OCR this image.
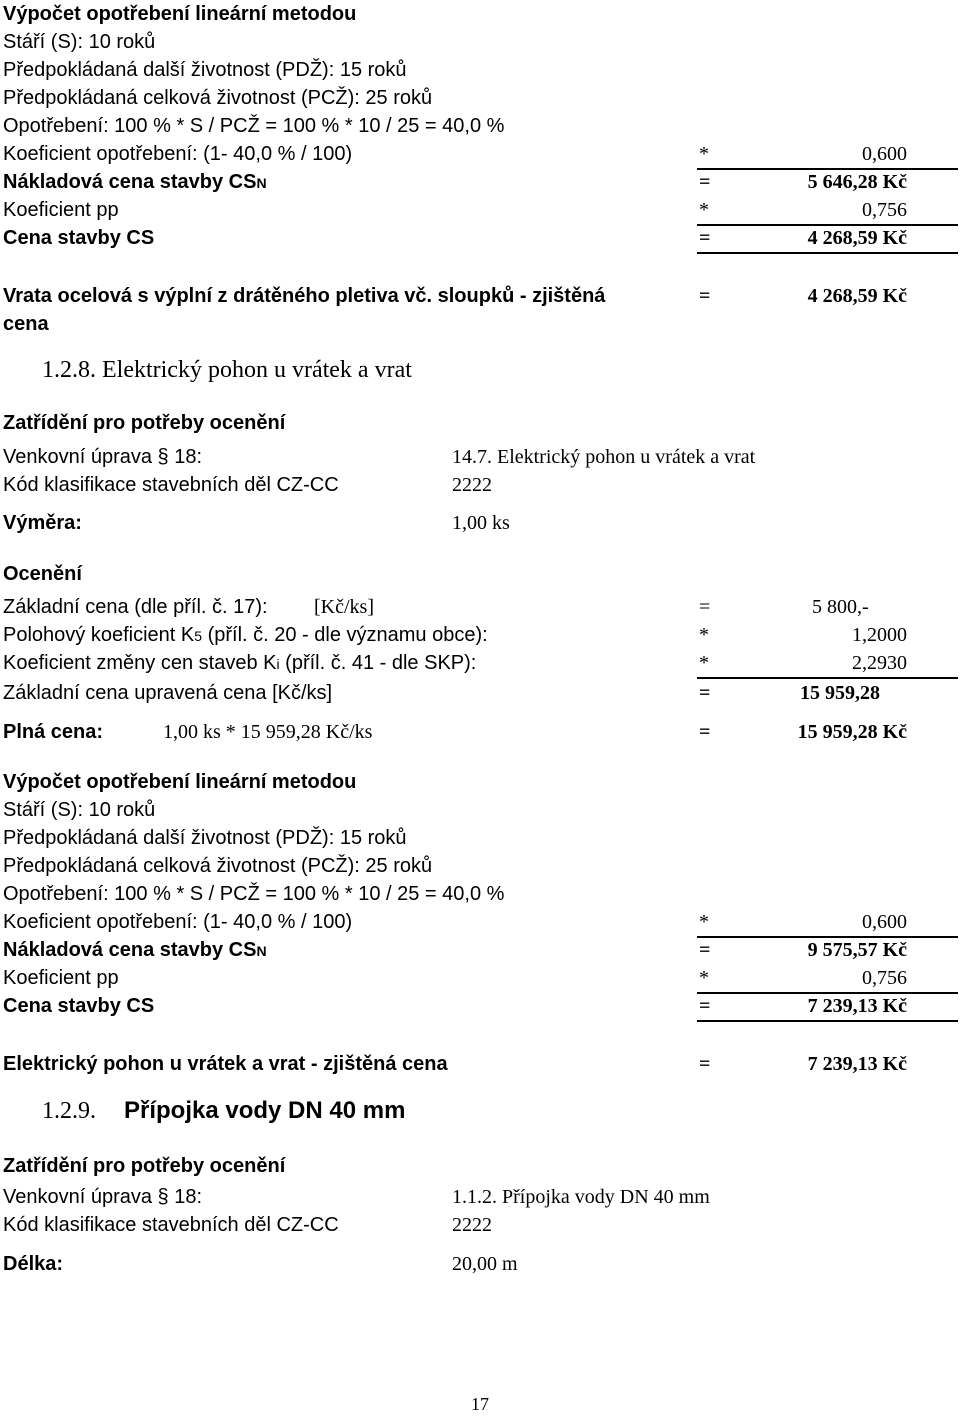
Výpočet opotřebení lineární metodou
Stáří (S): 10 roků
Předpokládaná další životnost (PDŽ): 15 roků
Předpokládaná celková životnost (PCŽ): 25 roků
Opotřebení: 100 % * S / PCŽ = 100 % * 10 / 25 = 40,0 %
Koeficient opotřebení: (1- 40,0 % / 100)	*	0,600
Nákladová cena stavby CSN	=	5 646,28 Kč
Koeficient pp	*	0,756
Cena stavby CS	=	4 268,59 Kč
Vrata ocelová s výplní z drátěného pletiva vč. sloupků - zjištěná	=	4 268,59 Kč
cena
1.2.8. Elektrický pohon u vrátek a vrat
Zatřídění pro potřeby ocenění
Venkovní úprava § 18:	14.7. Elektrický pohon u vrátek a vrat
Kód klasifikace stavebních děl CZ-CC	2222
Výměra:	1,00 ks
Ocenění
Základní cena (dle příl. č. 17): [Kč/ks]	=	5 800,-
Polohový koeficient K5 (příl. č. 20 - dle významu obce):	*	1,2000
Koeficient změny cen staveb Ki (příl. č. 41 - dle SKP):	*	2,2930
Základní cena upravená cena [Kč/ks]	=	15 959,28
Plná cena:	1,00 ks * 15 959,28 Kč/ks	=	15 959,28 Kč
Výpočet opotřebení lineární metodou
Stáří (S): 10 roků
Předpokládaná další životnost (PDŽ): 15 roků
Předpokládaná celková životnost (PCŽ): 25 roků
Opotřebení: 100 % * S / PCŽ = 100 % * 10 / 25 = 40,0 %
Koeficient opotřebení: (1- 40,0 % / 100)	*	0,600
Nákladová cena stavby CSN	=	9 575,57 Kč
Koeficient pp	*	0,756
Cena stavby CS	=	7 239,13 Kč
Elektrický pohon u vrátek a vrat - zjištěná cena	=	7 239,13 Kč
1.2.9. Přípojka vody DN 40 mm
Zatřídění pro potřeby ocenění
Venkovní úprava § 18:	1.1.2. Přípojka vody DN 40 mm
Kód klasifikace stavebních děl CZ-CC	2222
Délka:	20,00 m
17
